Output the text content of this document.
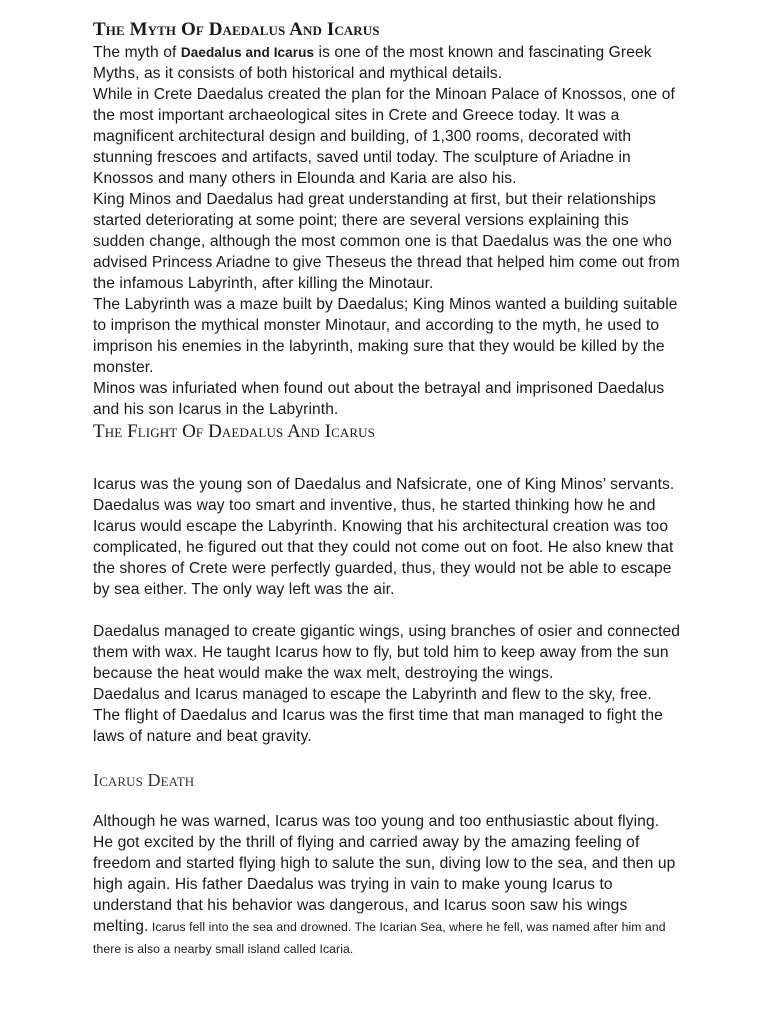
The Myth Of Daedalus And Icarus

The myth of Daedalus and Icarus is one of the most known and fascinating Greek Myths, as it consists of both historical and mythical details.

While in Crete Daedalus created the plan for the Minoan Palace of Knossos, one of the most important archaeological sites in Crete and Greece today. It was a magnificent architectural design and building, of 1,300 rooms, decorated with stunning frescoes and artifacts, saved until today. The sculpture of Ariadne in Knossos and many others in Elounda and Karia are also his.

King Minos and Daedalus had great understanding at first, but their relationships started deteriorating at some point; there are several versions explaining this sudden change, although the most common one is that Daedalus was the one who advised Princess Ariadne to give Theseus the thread that helped him come out from the infamous Labyrinth, after killing the Minotaur.

The Labyrinth was a maze built by Daedalus; King Minos wanted a building suitable to imprison the mythical monster Minotaur, and according to the myth, he used to imprison his enemies in the labyrinth, making sure that they would be killed by the monster.

Minos was infuriated when found out about the betrayal and imprisoned Daedalus and his son Icarus in the Labyrinth.

The Flight Of Daedalus And Icarus

Icarus was the young son of Daedalus and Nafsicrate, one of King Minos’ servants. Daedalus was way too smart and inventive, thus, he started thinking how he and Icarus would escape the Labyrinth. Knowing that his architectural creation was too complicated, he figured out that they could not come out on foot. He also knew that the shores of Crete were perfectly guarded, thus, they would not be able to escape by sea either. The only way left was the air.

Daedalus managed to create gigantic wings, using branches of osier and connected them with wax. He taught Icarus how to fly, but told him to keep away from the sun because the heat would make the wax melt, destroying the wings.

Daedalus and Icarus managed to escape the Labyrinth and flew to the sky, free. The flight of Daedalus and Icarus was the first time that man managed to fight the laws of nature and beat gravity.

Icarus Death

Although he was warned, Icarus was too young and too enthusiastic about flying. He got excited by the thrill of flying and carried away by the amazing feeling of freedom and started flying high to salute the sun, diving low to the sea, and then up high again. His father Daedalus was trying in vain to make young Icarus to understand that his behavior was dangerous, and Icarus soon saw his wings melting. Icarus fell into the sea and drowned. The Icarian Sea, where he fell, was named after him and there is also a nearby small island called Icaria.
